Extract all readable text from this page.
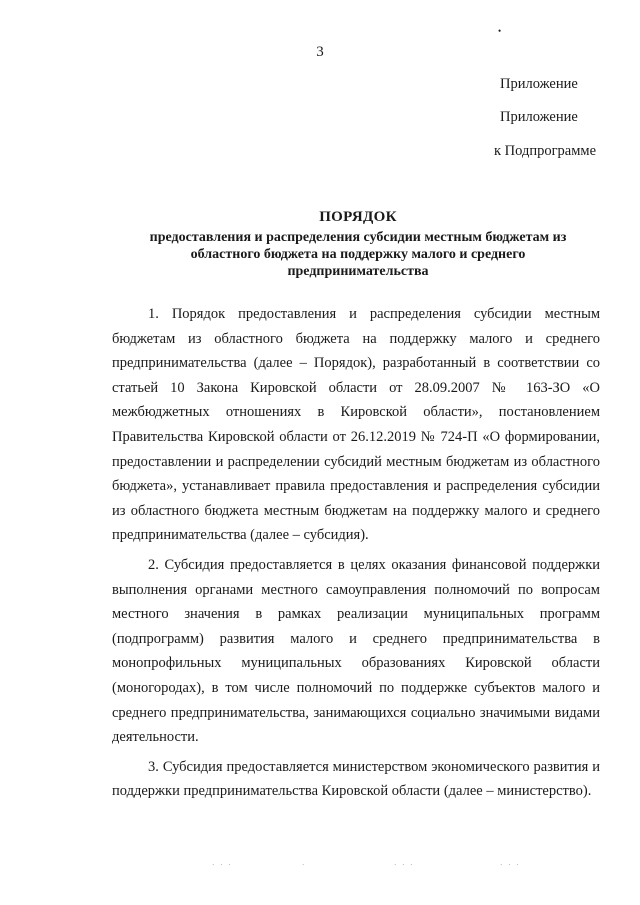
•
3
Приложение
Приложение
к Подпрограмме
ПОРЯДОК
предоставления и распределения субсидии местным бюджетам из областного бюджета на поддержку малого и среднего предпринимательства

1. Порядок предоставления и распределения субсидии местным бюджетам из областного бюджета на поддержку малого и среднего предпринимательства (далее – Порядок), разработанный в соответствии со статьей 10 Закона Кировской области от 28.09.2007 № 163-ЗО «О межбюджетных отношениях в Кировской области», постановлением Правительства Кировской области от 26.12.2019 № 724-П «О формировании, предоставлении и распределении субсидий местным бюджетам из областного бюджета», устанавливает правила предоставления и распределения субсидии из областного бюджета местным бюджетам на поддержку малого и среднего предпринимательства (далее – субсидия).

2. Субсидия предоставляется в целях оказания финансовой поддержки выполнения органами местного самоуправления полномочий по вопросам местного значения в рамках реализации муниципальных программ (подпрограмм) развития малого и среднего предпринимательства в монопрофильных муниципальных образованиях Кировской области (моногородах), в том числе полномочий по поддержке субъектов малого и среднего предпринимательства, занимающихся социально значимыми видами деятельности.

3. Субсидия предоставляется министерством экономического развития и поддержки предпринимательства Кировской области (далее – министерство).

· · ·	·	· · ·	· · ·
